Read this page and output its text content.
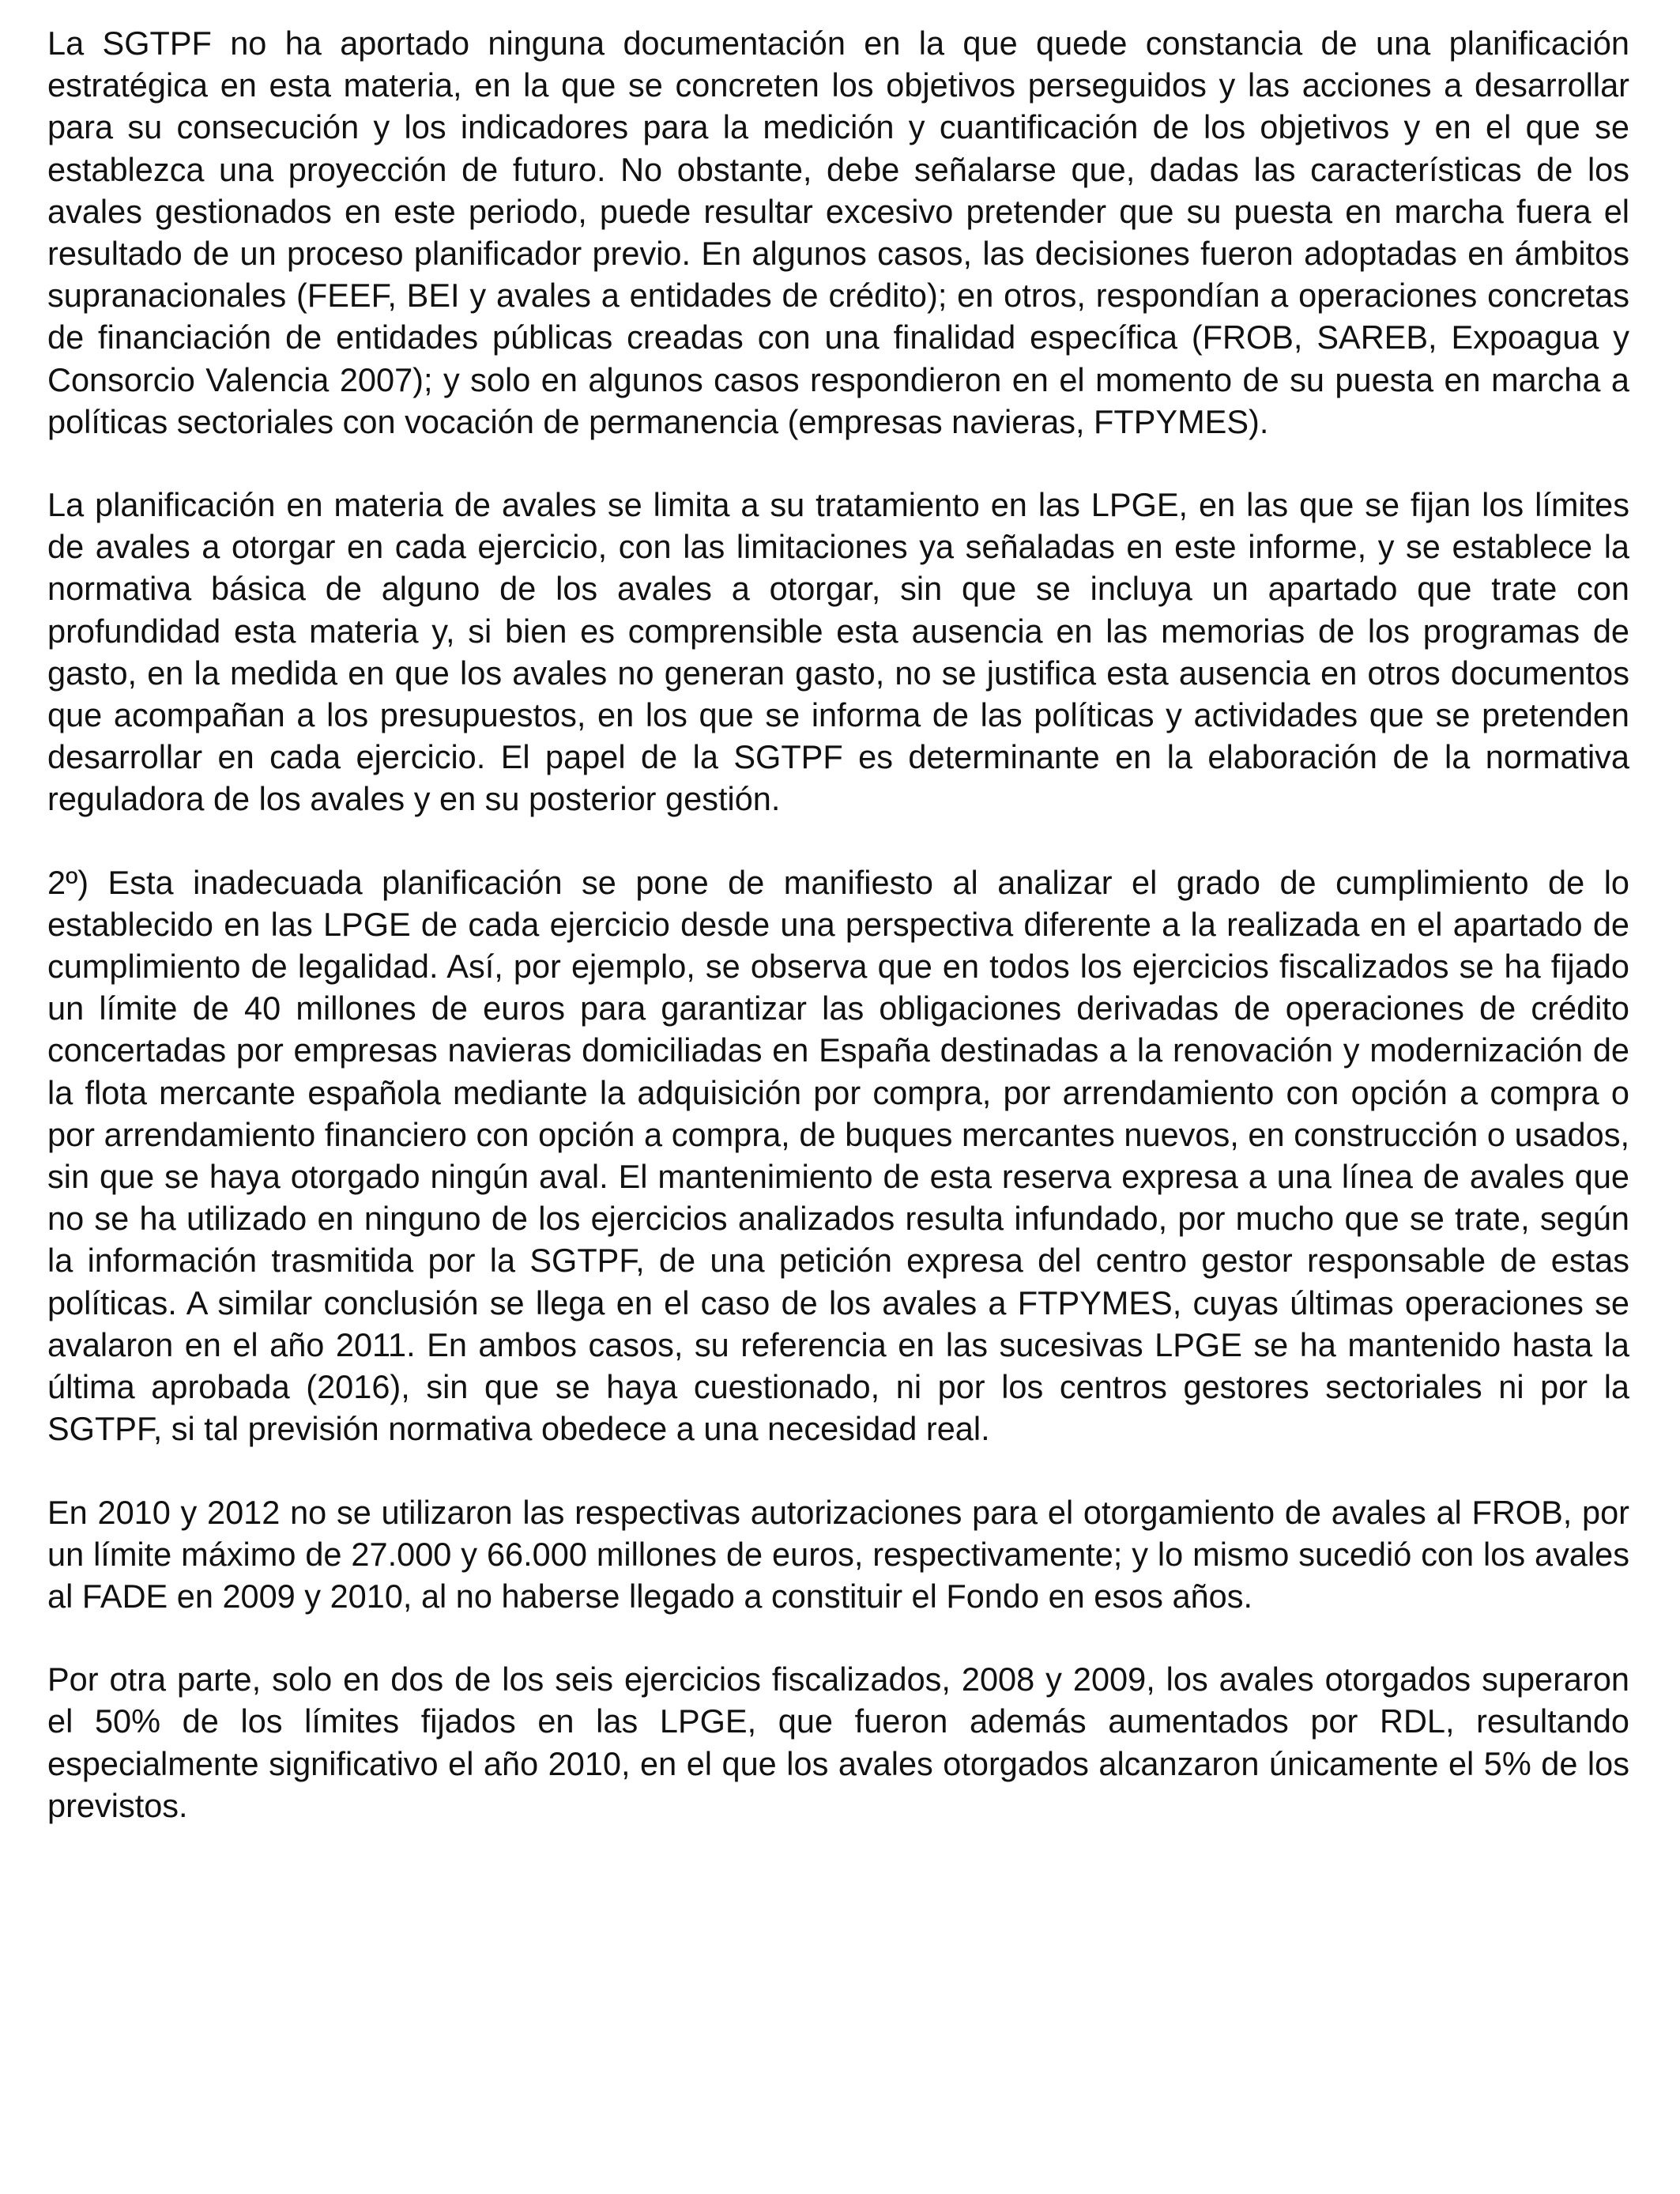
La SGTPF no ha aportado ninguna documentación en la que quede constancia de una planificación estratégica en esta materia, en la que se concreten los objetivos perseguidos y las acciones a desarrollar para su consecución y los indicadores para la medición y cuantificación de los objetivos y en el que se establezca una proyección de futuro. No obstante, debe señalarse que, dadas las características de los avales gestionados en este periodo, puede resultar excesivo pretender que su puesta en marcha fuera el resultado de un proceso planificador previo. En algunos casos, las decisiones fueron adoptadas en ámbitos supranacionales (FEEF, BEI y avales a entidades de crédito); en otros, respondían a operaciones concretas de financiación de entidades públicas creadas con una finalidad específica (FROB, SAREB, Expoagua y Consorcio Valencia 2007); y solo en algunos casos respondieron en el momento de su puesta en marcha a políticas sectoriales con vocación de permanencia (empresas navieras, FTPYMES).

La planificación en materia de avales se limita a su tratamiento en las LPGE, en las que se fijan los límites de avales a otorgar en cada ejercicio, con las limitaciones ya señaladas en este informe, y se establece la normativa básica de alguno de los avales a otorgar, sin que se incluya un apartado que trate con profundidad esta materia y, si bien es comprensible esta ausencia en las memorias de los programas de gasto, en la medida en que los avales no generan gasto, no se justifica esta ausencia en otros documentos que acompañan a los presupuestos, en los que se informa de las políticas y actividades que se pretenden desarrollar en cada ejercicio. El papel de la SGTPF es determinante en la elaboración de la normativa reguladora de los avales y en su posterior gestión.

2º) Esta inadecuada planificación se pone de manifiesto al analizar el grado de cumplimiento de lo establecido en las LPGE de cada ejercicio desde una perspectiva diferente a la realizada en el apartado de cumplimiento de legalidad. Así, por ejemplo, se observa que en todos los ejercicios fiscalizados se ha fijado un límite de 40 millones de euros para garantizar las obligaciones derivadas de operaciones de crédito concertadas por empresas navieras domiciliadas en España destinadas a la renovación y modernización de la flota mercante española mediante la adquisición por compra, por arrendamiento con opción a compra o por arrendamiento financiero con opción a compra, de buques mercantes nuevos, en construcción o usados, sin que se haya otorgado ningún aval. El mantenimiento de esta reserva expresa a una línea de avales que no se ha utilizado en ninguno de los ejercicios analizados resulta infundado, por mucho que se trate, según la información trasmitida por la SGTPF, de una petición expresa del centro gestor responsable de estas políticas. A similar conclusión se llega en el caso de los avales a FTPYMES, cuyas últimas operaciones se avalaron en el año 2011. En ambos casos, su referencia en las sucesivas LPGE se ha mantenido hasta la última aprobada (2016), sin que se haya cuestionado, ni por los centros gestores sectoriales ni por la SGTPF, si tal previsión normativa obedece a una necesidad real.

En 2010 y 2012 no se utilizaron las respectivas autorizaciones para el otorgamiento de avales al FROB, por un límite máximo de 27.000 y 66.000 millones de euros, respectivamente; y lo mismo sucedió con los avales al FADE en 2009 y 2010, al no haberse llegado a constituir el Fondo en esos años.

Por otra parte, solo en dos de los seis ejercicios fiscalizados, 2008 y 2009, los avales otorgados superaron el 50% de los límites fijados en las LPGE, que fueron además aumentados por RDL, resultando especialmente significativo el año 2010, en el que los avales otorgados alcanzaron únicamente el 5% de los previstos.
